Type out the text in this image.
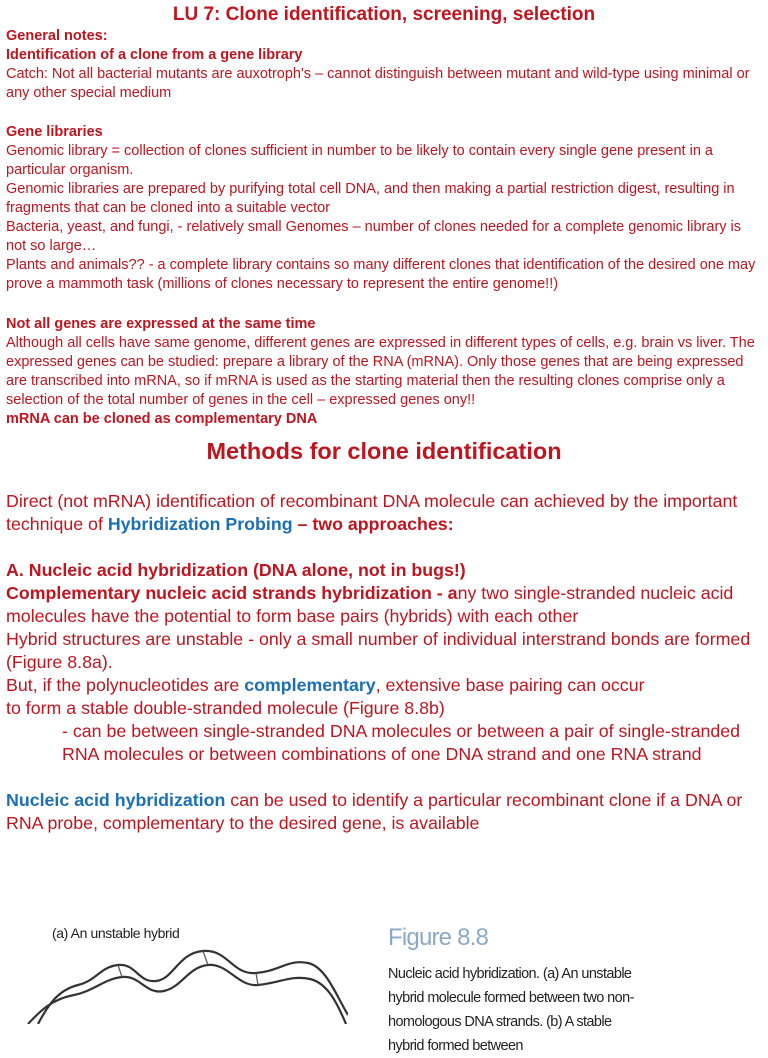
LU 7: Clone identification, screening, selection

General notes:

Identification of a clone from a gene library

Catch: Not all bacterial mutants are auxotroph's – cannot distinguish between mutant and wild-type using minimal or any other special medium

Gene libraries

Genomic library = collection of clones sufficient in number to be likely to contain every single gene present in a particular organism.

Genomic libraries are prepared by purifying total cell DNA, and then making a partial restriction digest, resulting in fragments that can be cloned into a suitable vector

Bacteria, yeast, and fungi, - relatively small Genomes – number of clones needed for a complete genomic library is not so large…

Plants and animals?? - a complete library contains so many different clones that identification of the desired one may prove a mammoth task (millions of clones necessary to represent the entire genome!!)

Not all genes are expressed at the same time

Although all cells have same genome, different genes are expressed in different types of cells, e.g. brain vs liver. The expressed genes can be studied: prepare a library of the RNA (mRNA). Only those genes that are being expressed are transcribed into mRNA, so if mRNA is used as the starting material then the resulting clones comprise only a selection of the total number of genes in the cell – expressed genes ony!!

mRNA can be cloned as complementary DNA

Methods for clone identification

Direct (not mRNA) identification of recombinant DNA molecule can achieved by the important technique of Hybridization Probing – two approaches:

A. Nucleic acid hybridization (DNA alone, not in bugs!)

Complementary nucleic acid strands hybridization - any two single-stranded nucleic acid molecules have the potential to form base pairs (hybrids) with each other

Hybrid structures are unstable - only a small number of individual interstrand bonds are formed (Figure 8.8a).

But, if the polynucleotides are complementary, extensive base pairing can occur

to form a stable double-stranded molecule (Figure 8.8b)

- can be between single-stranded DNA molecules or between a pair of single-stranded RNA molecules or between combinations of one DNA strand and one RNA strand

Nucleic acid hybridization can be used to identify a particular recombinant clone if a DNA or RNA probe, complementary to the desired gene, is available

(a) An unstable hybrid	Figure 8.8
Nucleic acid hybridization. (a) An unstable hybrid molecule formed between two non-homologous DNA strands. (b) A stable hybrid formed between
